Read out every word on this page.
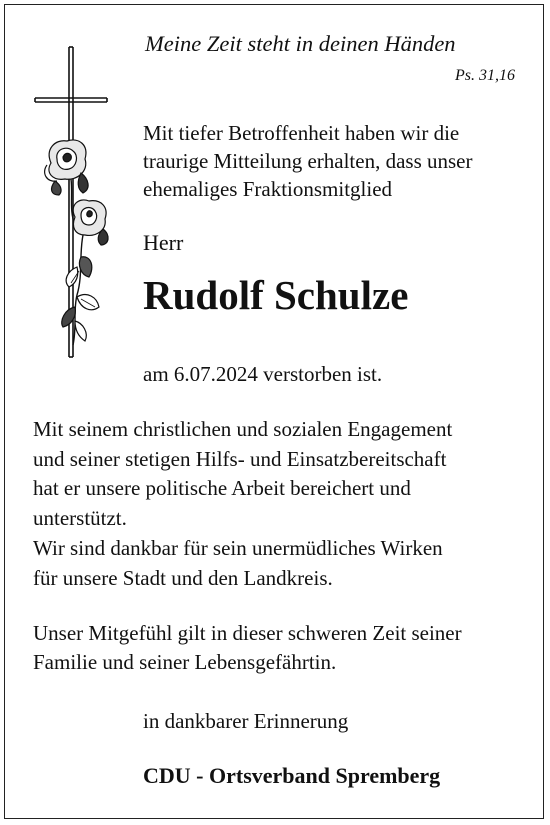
Meine Zeit steht in deinen Händen
Ps. 31,16
Mit tiefer Betroffenheit haben wir die
traurige Mitteilung erhalten, dass unser
ehemaliges Fraktionsmitglied
Herr
Rudolf Schulze
am 6.07.2024 verstorben ist.
Mit seinem christlichen und sozialen Engagement
und seiner stetigen Hilfs- und Einsatzbereitschaft
hat er unsere politische Arbeit bereichert und
unterstützt.
Wir sind dankbar für sein unermüdliches Wirken
für unsere Stadt und den Landkreis.
Unser Mitgefühl gilt in dieser schweren Zeit seiner
Familie und seiner Lebensgefährtin.
in dankbarer Erinnerung
CDU - Ortsverband Spremberg
